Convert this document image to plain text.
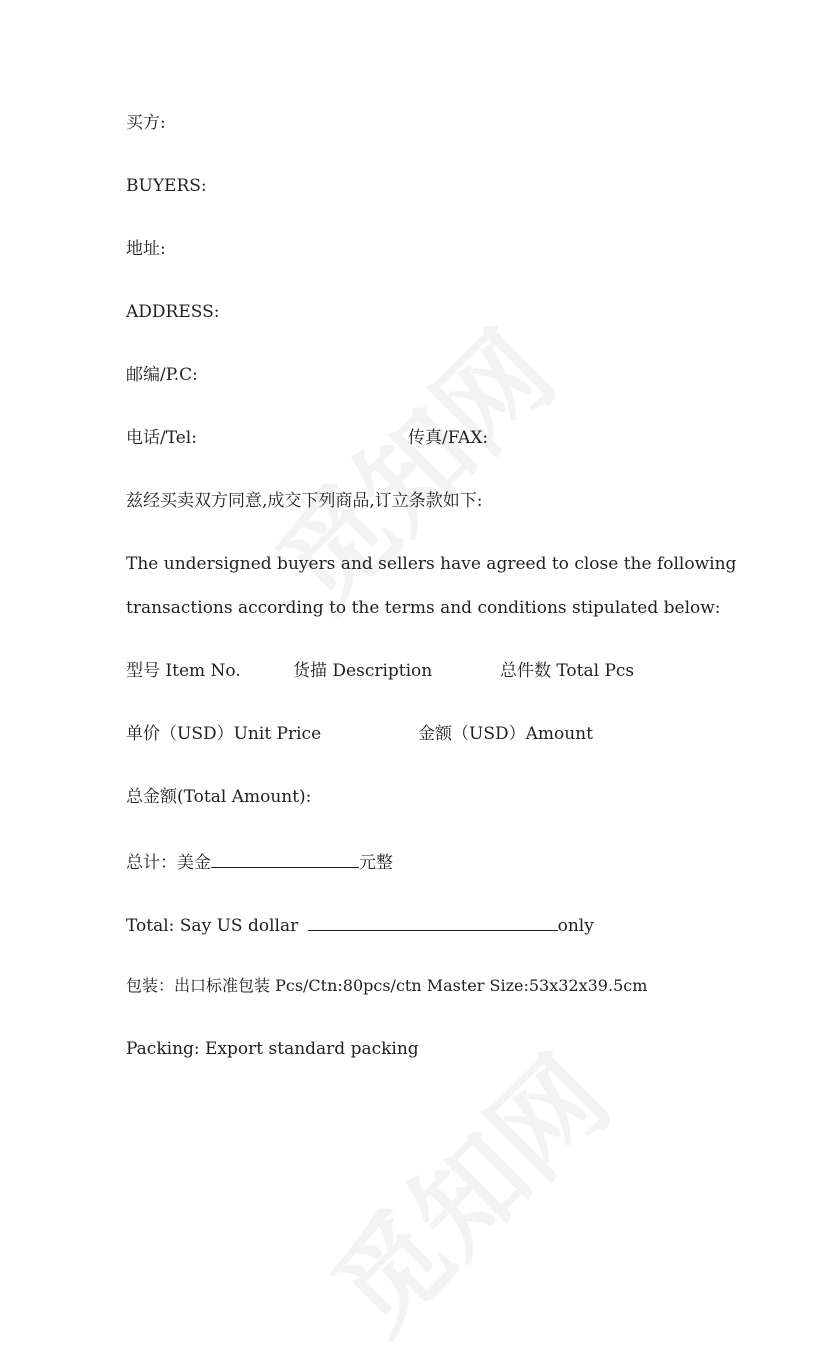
买方:
BUYERS:
地址:
ADDRESS:
邮编/P.C:
电话/Tel:	传真/FAX:
兹经买卖双方同意,成交下列商品,订立条款如下:
The undersigned buyers and sellers have agreed to close the following
transactions according to the terms and conditions stipulated below:
型号 Item No.	货描 Description	总件数 Total Pcs
单价（USD）Unit Price	金额（USD）Amount
总金额(Total Amount):
总计：美金	元整
Total: Say US dollar	only
包装：出口标准包装 Pcs/Ctn:80pcs/ctn Master Size:53x32x39.5cm
Packing: Export standard packing
